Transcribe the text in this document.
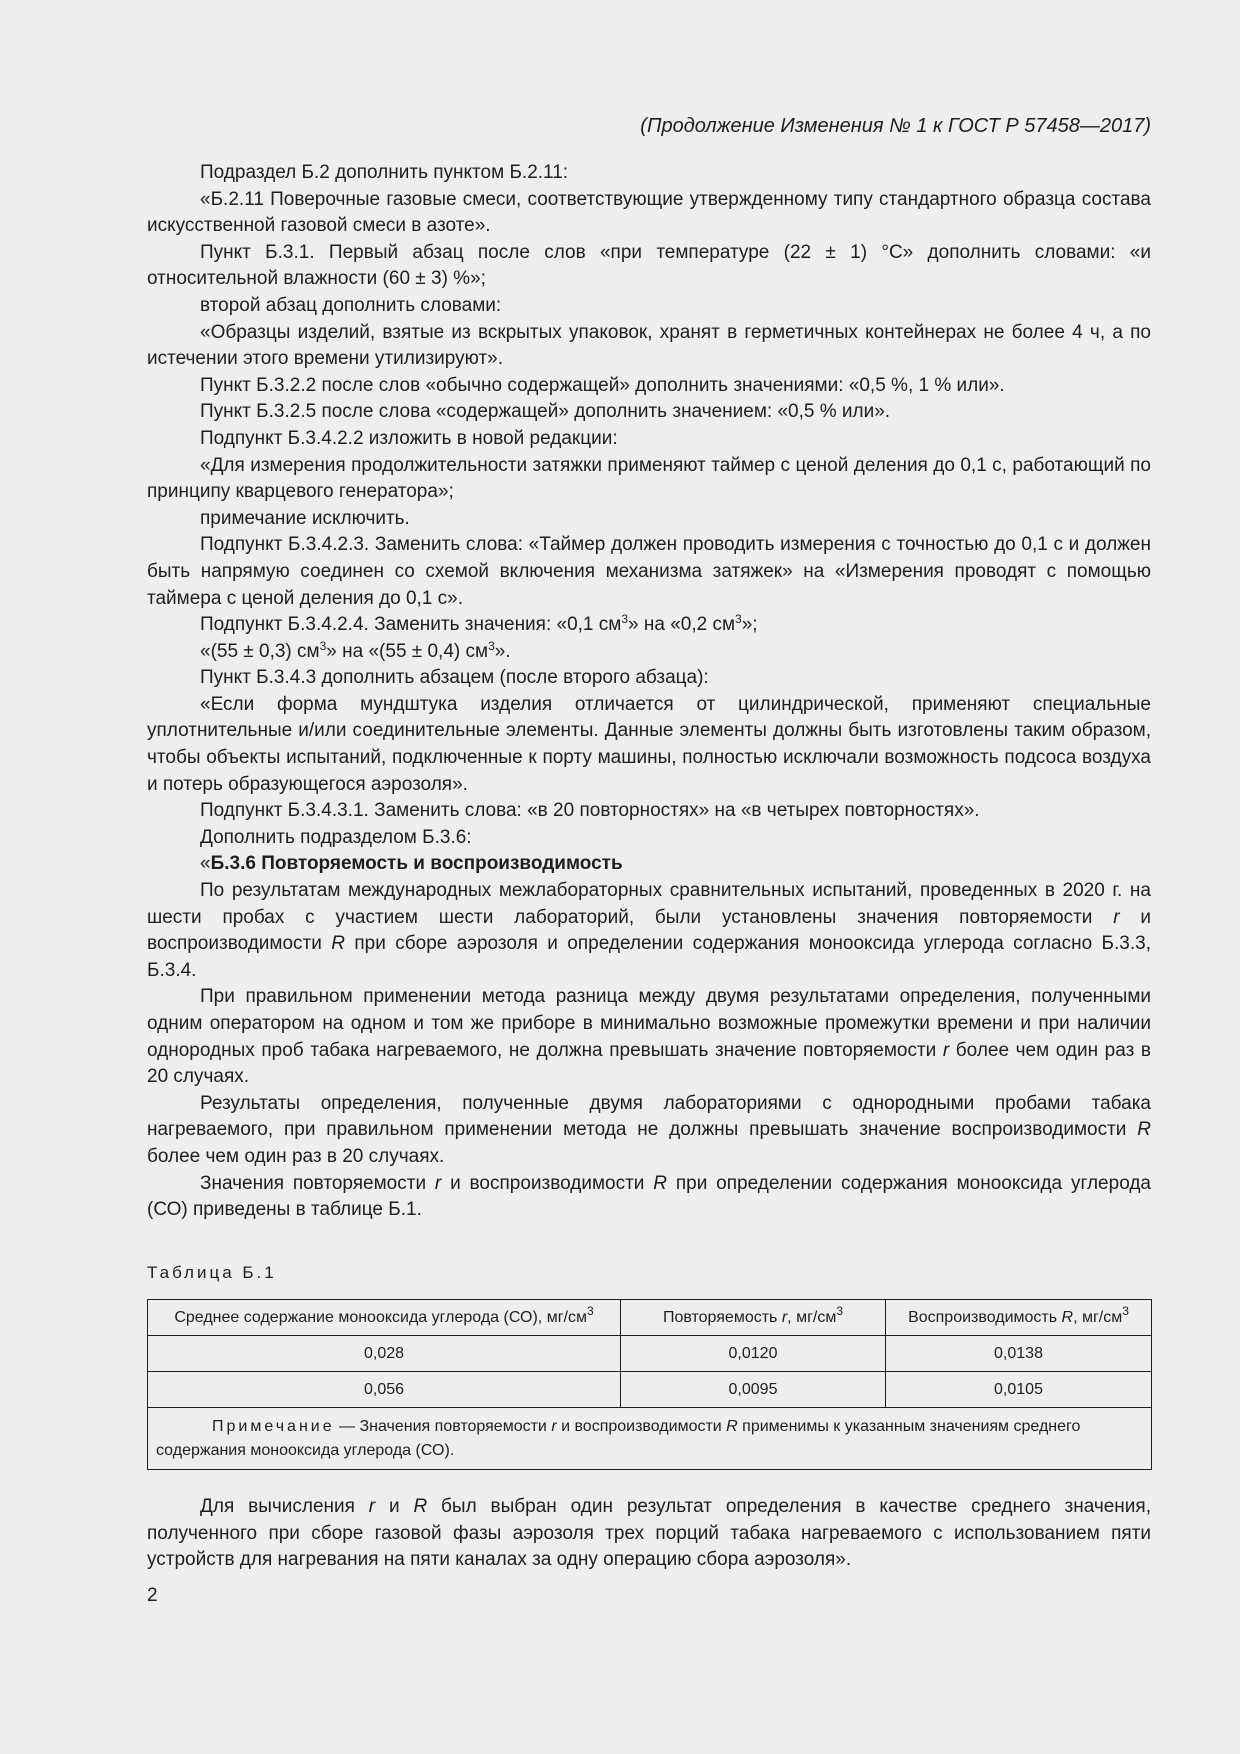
(Продолжение Изменения № 1 к ГОСТ Р 57458—2017)

Подраздел Б.2 дополнить пунктом Б.2.11:

«Б.2.11 Поверочные газовые смеси, соответствующие утвержденному типу стандартного образца состава искусственной газовой смеси в азоте».

Пункт Б.3.1. Первый абзац после слов «при температуре (22 ± 1) °С» дополнить словами: «и относительной влажности (60 ± 3) %»;

второй абзац дополнить словами:

«Образцы изделий, взятые из вскрытых упаковок, хранят в герметичных контейнерах не более 4 ч, а по истечении этого времени утилизируют».

Пункт Б.3.2.2 после слов «обычно содержащей» дополнить значениями: «0,5 %, 1 % или».

Пункт Б.3.2.5 после слова «содержащей» дополнить значением: «0,5 % или».

Подпункт Б.3.4.2.2 изложить в новой редакции:

«Для измерения продолжительности затяжки применяют таймер с ценой деления до 0,1 с, работающий по принципу кварцевого генератора»;

примечание исключить.

Подпункт Б.3.4.2.3. Заменить слова: «Таймер должен проводить измерения с точностью до 0,1 с и должен быть напрямую соединен со схемой включения механизма затяжек» на «Измерения проводят с помощью таймера с ценой деления до 0,1 с».

Подпункт Б.3.4.2.4. Заменить значения: «0,1 $см^3$» на «0,2 $см^3$»;

«(55 ± 0,3) $см^3$» на «(55 ± 0,4) $см^3$».

Пункт Б.3.4.3 дополнить абзацем (после второго абзаца):

«Если форма мундштука изделия отличается от цилиндрической, применяют специальные уплотнительные и/или соединительные элементы. Данные элементы должны быть изготовлены таким образом, чтобы объекты испытаний, подключенные к порту машины, полностью исключали возможность подсоса воздуха и потерь образующегося аэрозоля».

Подпункт Б.3.4.3.1. Заменить слова: «в 20 повторностях» на «в четырех повторностях».

Дополнить подразделом Б.3.6:

«Б.3.6 Повторяемость и воспроизводимость

По результатам международных межлабораторных сравнительных испытаний, проведенных в 2020 г. на шести пробах с участием шести лабораторий, были установлены значения повторяемости r и воспроизводимости R при сборе аэрозоля и определении содержания монооксида углерода согласно Б.3.3, Б.3.4.

При правильном применении метода разница между двумя результатами определения, полученными одним оператором на одном и том же приборе в минимально возможные промежутки времени и при наличии однородных проб табака нагреваемого, не должна превышать значение повторяемости r более чем один раз в 20 случаях.

Результаты определения, полученные двумя лабораториями с однородными пробами табака нагреваемого, при правильном применении метода не должны превышать значение воспроизводимости R более чем один раз в 20 случаях.

Значения повторяемости r и воспроизводимости R при определении содержания монооксида углерода (СО) приведены в таблице Б.1.

Таблица Б.1
Среднее содержание монооксида углерода (СО), $мг/см^3$	Повторяемость r, $мг/см^3$	Воспроизводимость R, $мг/см^3$
0,028	0,0120	0,0138
0,056	0,0095	0,0105
Примечание — Значения повторяемости r и воспроизводимости R применимы к указанным значениям среднего содержания монооксида углерода (СО).		

Для вычисления r и R был выбран один результат определения в качестве среднего значения, полученного при сборе газовой фазы аэрозоля трех порций табака нагреваемого с использованием пяти устройств для нагревания на пяти каналах за одну операцию сбора аэрозоля».

2
